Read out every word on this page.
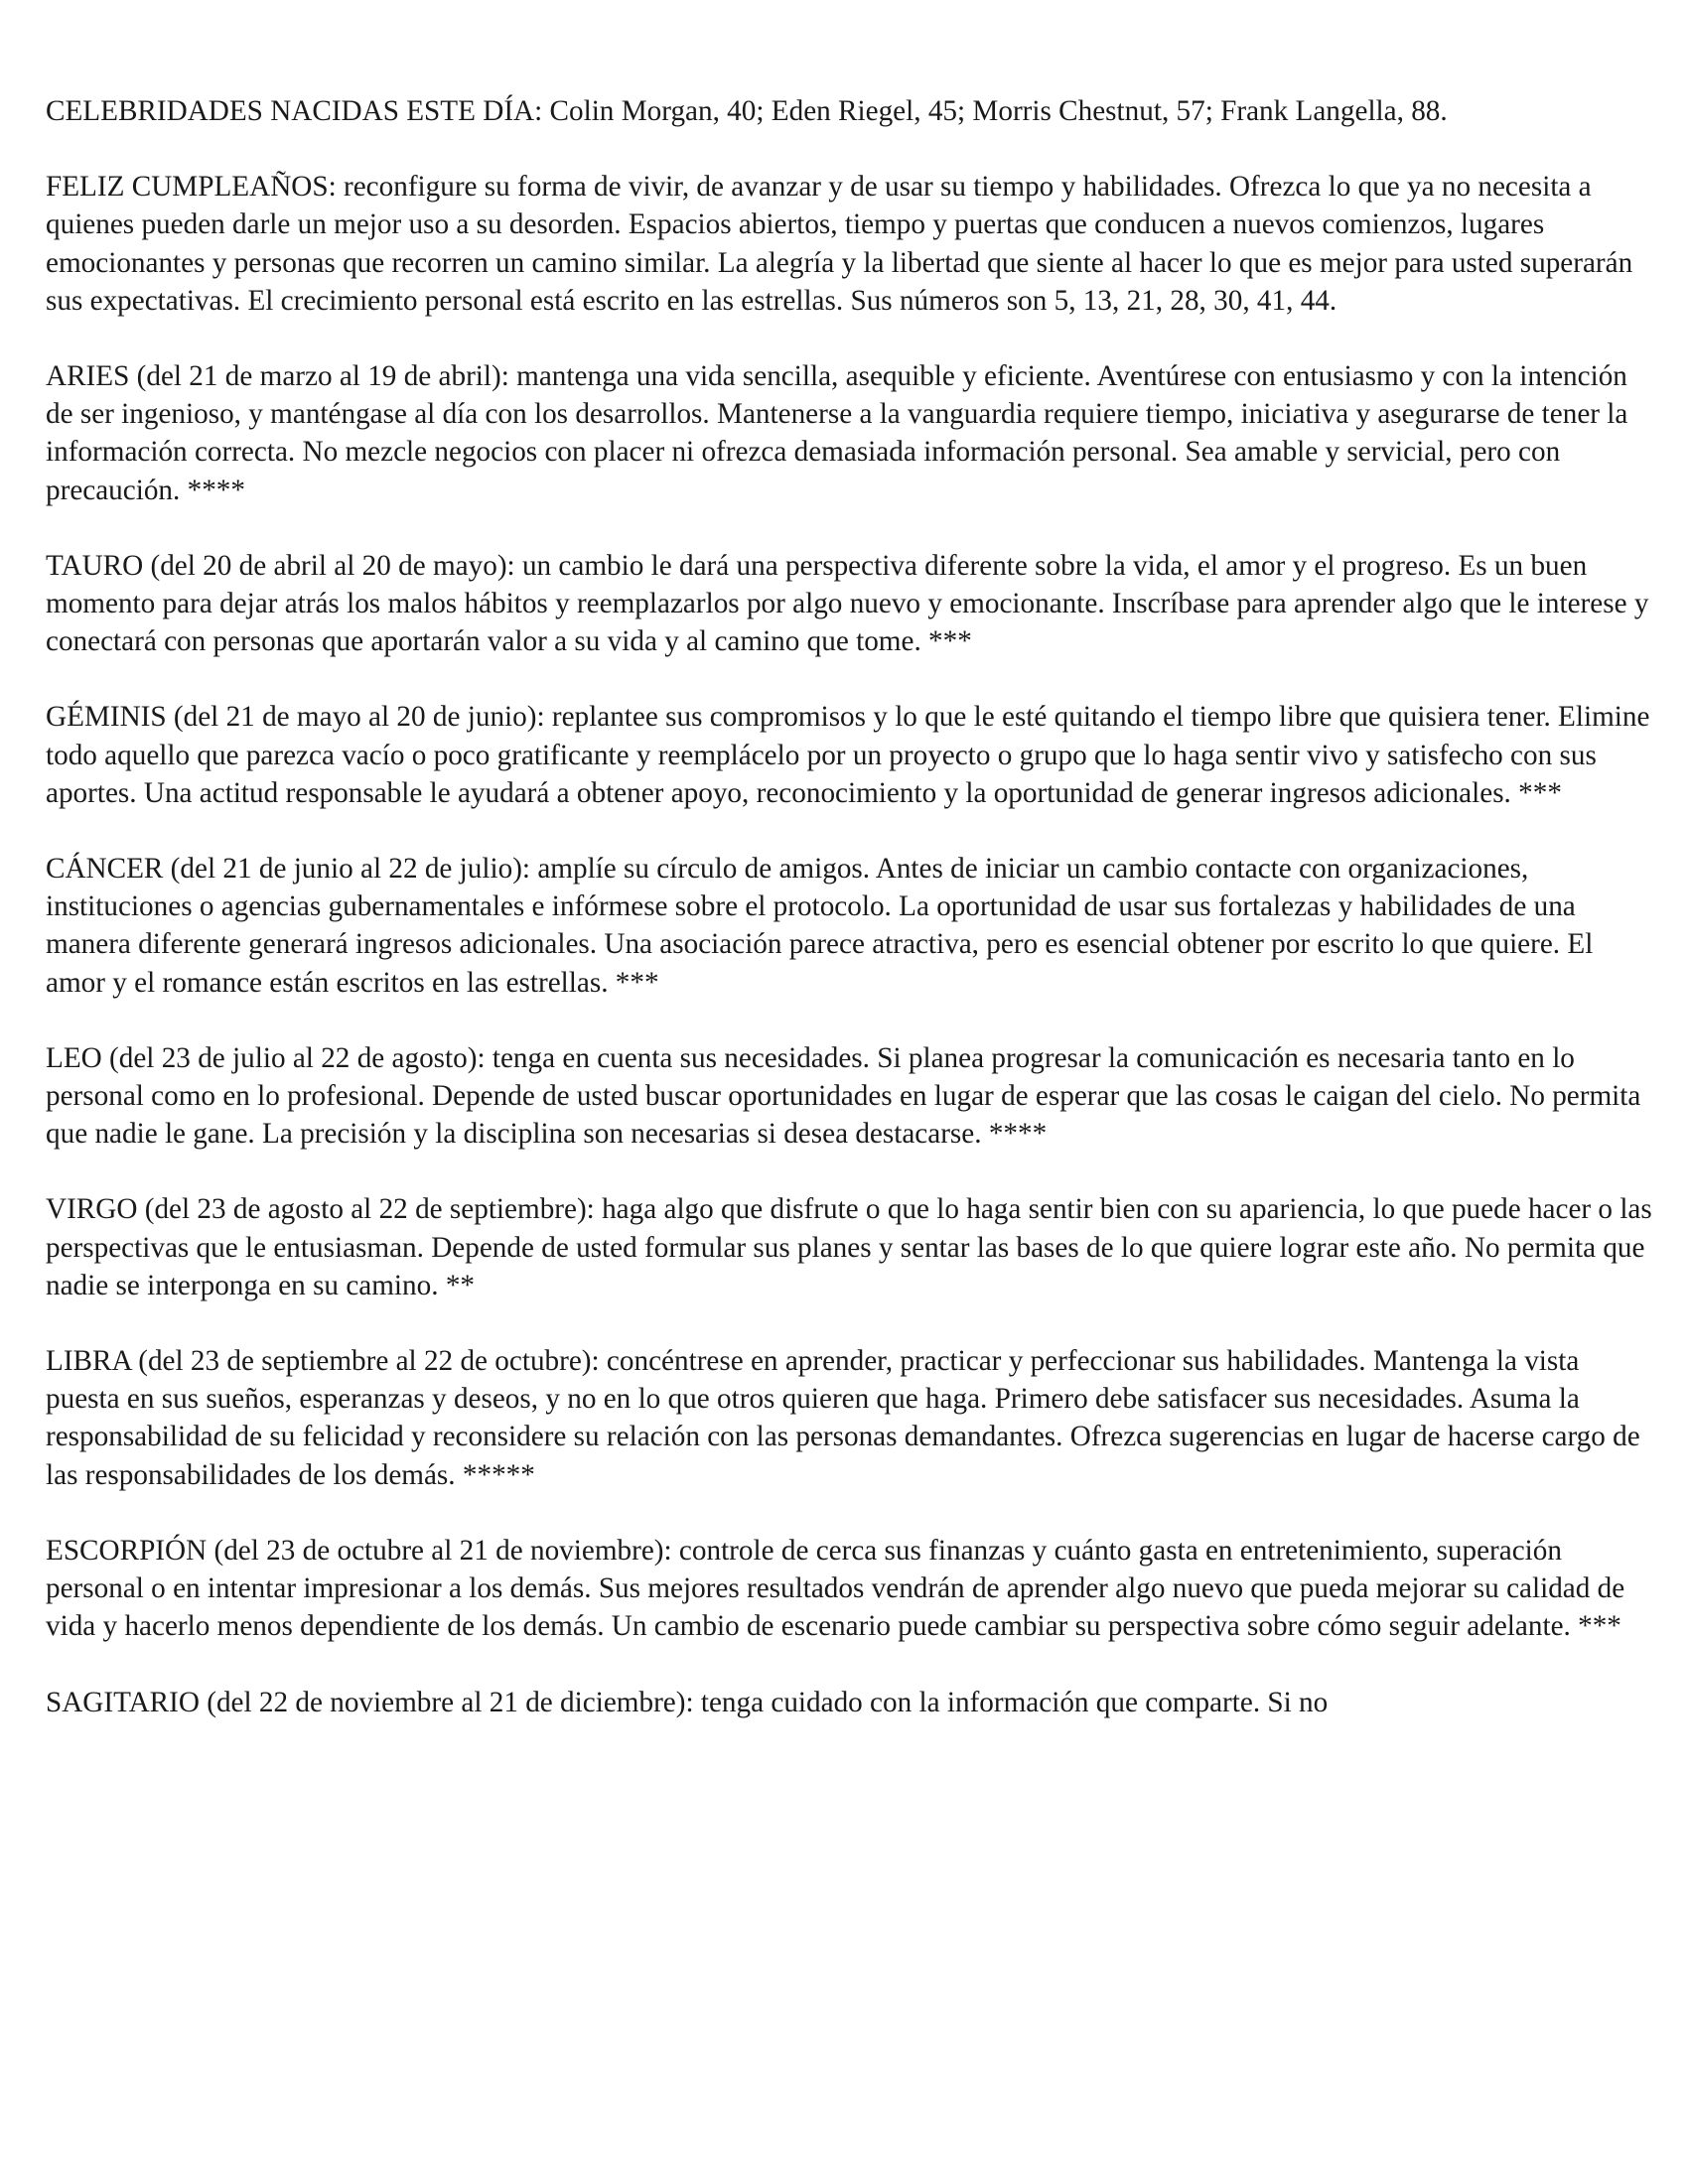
CELEBRIDADES NACIDAS ESTE DÍA: Colin Morgan, 40; Eden Riegel, 45; Morris Chestnut, 57; Frank Langella, 88.

FELIZ CUMPLEAÑOS: reconfigure su forma de vivir, de avanzar y de usar su tiempo y habilidades. Ofrezca lo que ya no necesita a quienes pueden darle un mejor uso a su desorden. Espacios abiertos, tiempo y puertas que conducen a nuevos comienzos, lugares emocionantes y personas que recorren un camino similar. La alegría y la libertad que siente al hacer lo que es mejor para usted superarán sus expectativas. El crecimiento personal está escrito en las estrellas. Sus números son 5, 13, 21, 28, 30, 41, 44.

ARIES (del 21 de marzo al 19 de abril): mantenga una vida sencilla, asequible y eficiente. Aventúrese con entusiasmo y con la intención de ser ingenioso, y manténgase al día con los desarrollos. Mantenerse a la vanguardia requiere tiempo, iniciativa y asegurarse de tener la información correcta. No mezcle negocios con placer ni ofrezca demasiada información personal. Sea amable y servicial, pero con precaución. ****

TAURO (del 20 de abril al 20 de mayo): un cambio le dará una perspectiva diferente sobre la vida, el amor y el progreso. Es un buen momento para dejar atrás los malos hábitos y reemplazarlos por algo nuevo y emocionante. Inscríbase para aprender algo que le interese y conectará con personas que aportarán valor a su vida y al camino que tome. ***

GÉMINIS (del 21 de mayo al 20 de junio): replantee sus compromisos y lo que le esté quitando el tiempo libre que quisiera tener. Elimine todo aquello que parezca vacío o poco gratificante y reemplácelo por un proyecto o grupo que lo haga sentir vivo y satisfecho con sus aportes. Una actitud responsable le ayudará a obtener apoyo, reconocimiento y la oportunidad de generar ingresos adicionales. ***

CÁNCER (del 21 de junio al 22 de julio): amplíe su círculo de amigos. Antes de iniciar un cambio contacte con organizaciones, instituciones o agencias gubernamentales e infórmese sobre el protocolo. La oportunidad de usar sus fortalezas y habilidades de una manera diferente generará ingresos adicionales. Una asociación parece atractiva, pero es esencial obtener por escrito lo que quiere. El amor y el romance están escritos en las estrellas. ***

LEO (del 23 de julio al 22 de agosto): tenga en cuenta sus necesidades. Si planea progresar la comunicación es necesaria tanto en lo personal como en lo profesional. Depende de usted buscar oportunidades en lugar de esperar que las cosas le caigan del cielo. No permita que nadie le gane. La precisión y la disciplina son necesarias si desea destacarse. ****

VIRGO (del 23 de agosto al 22 de septiembre): haga algo que disfrute o que lo haga sentir bien con su apariencia, lo que puede hacer o las perspectivas que le entusiasman. Depende de usted formular sus planes y sentar las bases de lo que quiere lograr este año. No permita que nadie se interponga en su camino. **

LIBRA (del 23 de septiembre al 22 de octubre): concéntrese en aprender, practicar y perfeccionar sus habilidades. Mantenga la vista puesta en sus sueños, esperanzas y deseos, y no en lo que otros quieren que haga. Primero debe satisfacer sus necesidades. Asuma la responsabilidad de su felicidad y reconsidere su relación con las personas demandantes. Ofrezca sugerencias en lugar de hacerse cargo de las responsabilidades de los demás. *****

ESCORPIÓN (del 23 de octubre al 21 de noviembre): controle de cerca sus finanzas y cuánto gasta en entretenimiento, superación personal o en intentar impresionar a los demás. Sus mejores resultados vendrán de aprender algo nuevo que pueda mejorar su calidad de vida y hacerlo menos dependiente de los demás. Un cambio de escenario puede cambiar su perspectiva sobre cómo seguir adelante. ***

SAGITARIO (del 22 de noviembre al 21 de diciembre): tenga cuidado con la información que comparte. Si no
